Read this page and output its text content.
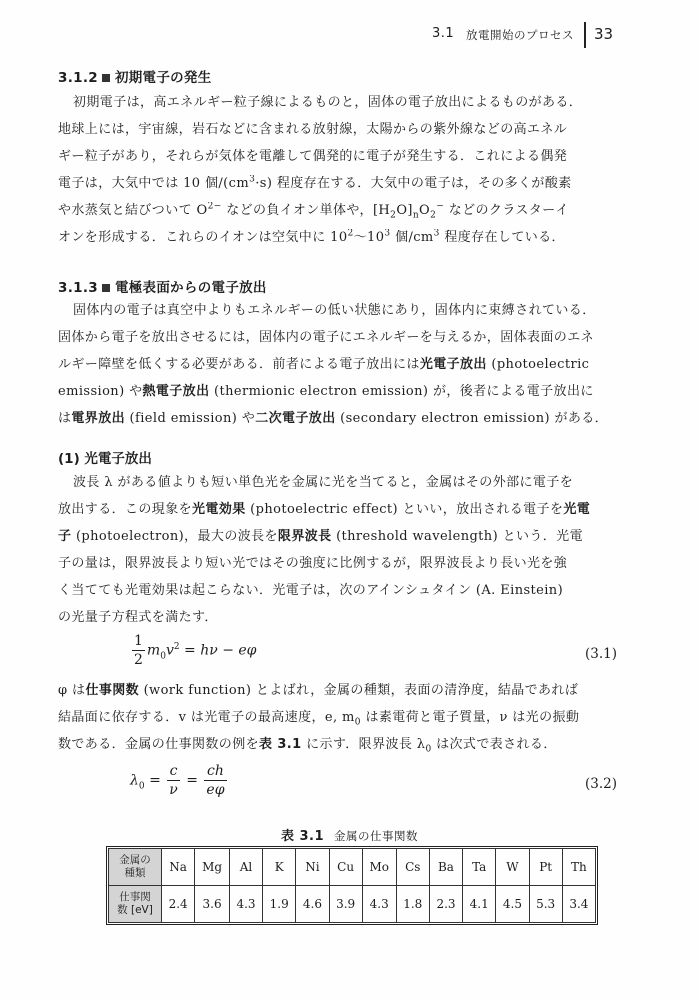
3.1 放電開始のプロセス 33
3.1.2 初期電子の発生
初期電子は，高エネルギー粒子線によるものと，固体の電子放出によるものがある．
地球上には，宇宙線，岩石などに含まれる放射線，太陽からの紫外線などの高エネル
ギー粒子があり，それらが気体を電離して偶発的に電子が発生する．これによる偶発
電子は，大気中では 10 個$/(cm^3\cdot s)$ 程度存在する．大気中の電子は，その多くが酸素
や水蒸気と結びついて $O^{2-}$ などの負イオン単体や，$[H_2O]_nO_2^-$ などのクラスターイ
オンを形成する．これらのイオンは空気中に $10^2$〜$10^3$ 個$/cm^3$ 程度存在している．
3.1.3 電極表面からの電子放出
固体内の電子は真空中よりもエネルギーの低い状態にあり，固体内に束縛されている．
固体から電子を放出させるには，固体内の電子にエネルギーを与えるか，固体表面のエネ
ルギー障壁を低くする必要がある．前者による電子放出には光電子放出 (photoelectric
emission) や熱電子放出 (thermionic electron emission) が，後者による電子放出に
は電界放出 (field emission) や二次電子放出 (secondary electron emission) がある．
(1) 光電子放出
波長 λ がある値よりも短い単色光を金属に光を当てると，金属はその外部に電子を
放出する．この現象を光電効果 (photoelectric effect) といい，放出される電子を光電
子 (photoelectron)，最大の波長を限界波長 (threshold wavelength) という．光電
子の量は，限界波長より短い光ではその強度に比例するが，限界波長より長い光を強
く当てても光電効果は起こらない．光電子は，次のアインシュタイン (A. Einstein)
の光量子方程式を満たす．
$\frac{1}{2} m_0v^2 = h\nu - e\varphi$	(3.1)
φ は仕事関数 (work function) とよばれ，金属の種類，表面の清浄度，結晶であれば
結晶面に依存する．v は光電子の最高速度，e, $m_0$ は素電荷と電子質量，ν は光の振動
数である．金属の仕事関数の例を表 3.1 に示す．限界波長 $\lambda_0$ は次式で表される．
$\lambda_0 = \frac{c}{\nu} = \frac{ch}{e\varphi}$	(3.2)
表 3.1 金属の仕事関数
金属の
種類	Na	Mg	Al	K	Ni	Cu	Mo	Cs	Ba	Ta	W	Pt	Th
仕事関
数 [eV]	2.4	3.6	4.3	1.9	4.6	3.9	4.3	1.8	2.3	4.1	4.5	5.3	3.4
